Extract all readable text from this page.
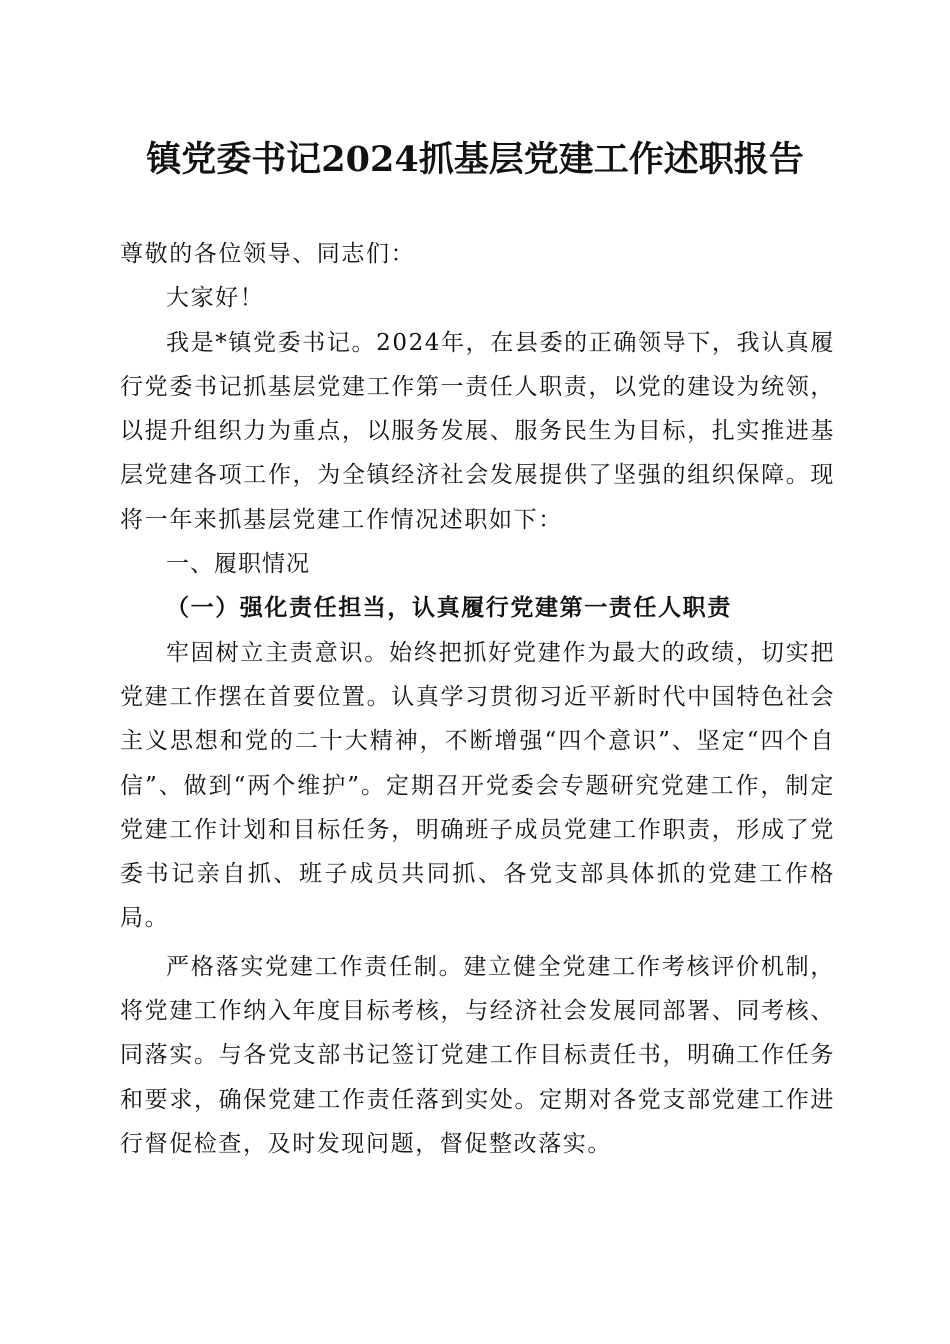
镇党委书记2024抓基层党建工作述职报告

尊敬的各位领导、同志们：

大家好！

我是*镇党委书记。2024年，在县委的正确领导下，我认真履行党委书记抓基层党建工作第一责任人职责，以党的建设为统领，以提升组织力为重点，以服务发展、服务民生为目标，扎实推进基层党建各项工作，为全镇经济社会发展提供了坚强的组织保障。现将一年来抓基层党建工作情况述职如下：

一、履职情况

（一）强化责任担当，认真履行党建第一责任人职责

牢固树立主责意识。始终把抓好党建作为最大的政绩，切实把党建工作摆在首要位置。认真学习贯彻习近平新时代中国特色社会主义思想和党的二十大精神，不断增强“四个意识”、坚定“四个自信”、做到“两个维护”。定期召开党委会专题研究党建工作，制定党建工作计划和目标任务，明确班子成员党建工作职责，形成了党委书记亲自抓、班子成员共同抓、各党支部具体抓的党建工作格局。

严格落实党建工作责任制。建立健全党建工作考核评价机制，将党建工作纳入年度目标考核，与经济社会发展同部署、同考核、同落实。与各党支部书记签订党建工作目标责任书，明确工作任务和要求，确保党建工作责任落到实处。定期对各党支部党建工作进行督促检查，及时发现问题，督促整改落实。
